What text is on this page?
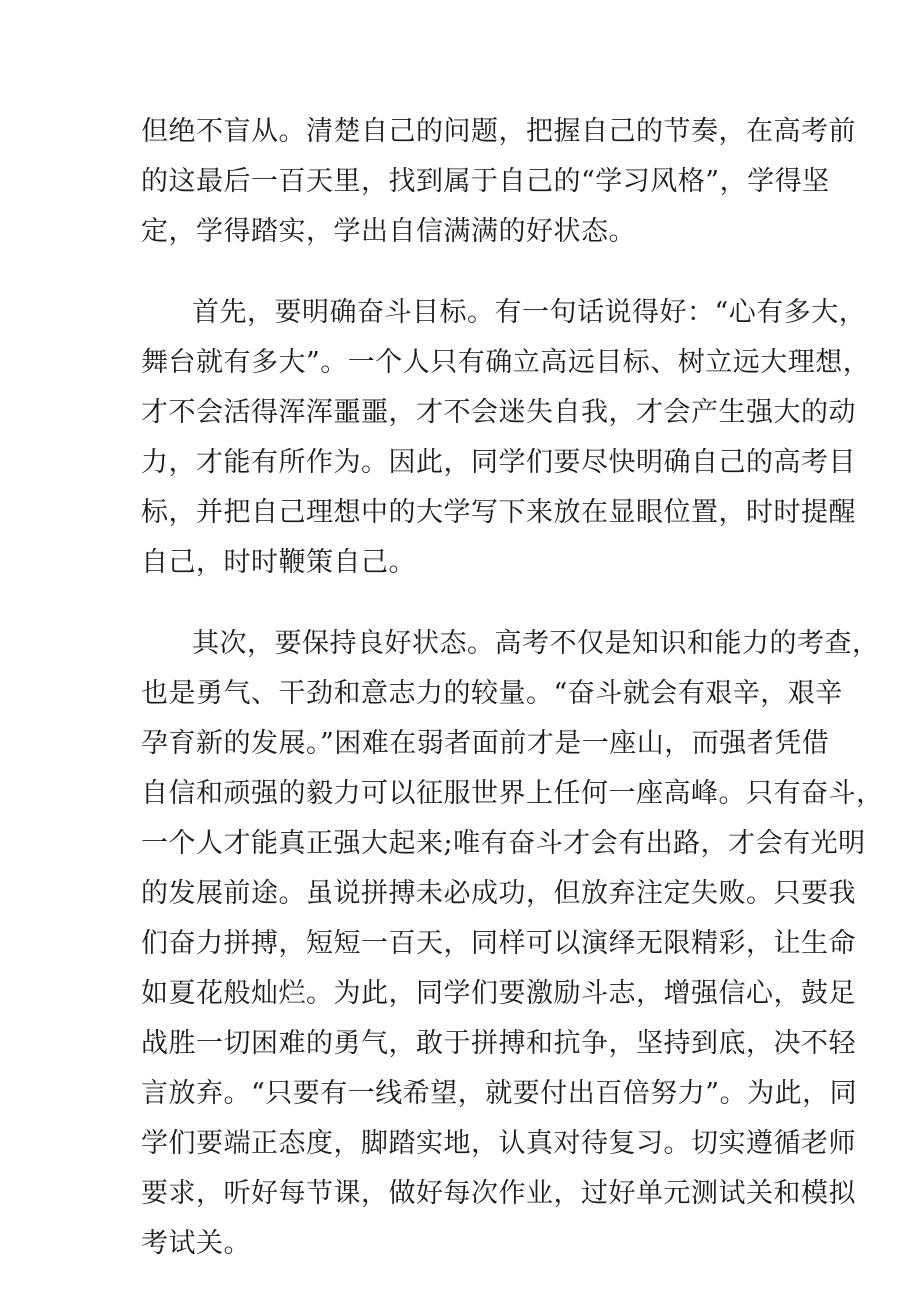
但绝不盲从。清楚自己的问题，把握自己的节奏，在高考前
的这最后一百天里，找到属于自己的“学习风格”，学得坚
定，学得踏实，学出自信满满的好状态。
首先，要明确奋斗目标。有一句话说得好：“心有多大，
舞台就有多大”。一个人只有确立高远目标、树立远大理想，
才不会活得浑浑噩噩，才不会迷失自我，才会产生强大的动
力，才能有所作为。因此，同学们要尽快明确自己的高考目
标，并把自己理想中的大学写下来放在显眼位置，时时提醒
自己，时时鞭策自己。
其次，要保持良好状态。高考不仅是知识和能力的考查，
也是勇气、干劲和意志力的较量。“奋斗就会有艰辛，艰辛
孕育新的发展。”困难在弱者面前才是一座山，而强者凭借
自信和顽强的毅力可以征服世界上任何一座高峰。只有奋斗，
一个人才能真正强大起来;唯有奋斗才会有出路，才会有光明
的发展前途。虽说拼搏未必成功，但放弃注定失败。只要我
们奋力拼搏，短短一百天，同样可以演绎无限精彩，让生命
如夏花般灿烂。为此，同学们要激励斗志，增强信心，鼓足
战胜一切困难的勇气，敢于拼搏和抗争，坚持到底，决不轻
言放弃。“只要有一线希望，就要付出百倍努力”。为此，同
学们要端正态度，脚踏实地，认真对待复习。切实遵循老师
要求，听好每节课，做好每次作业，过好单元测试关和模拟
考试关。
